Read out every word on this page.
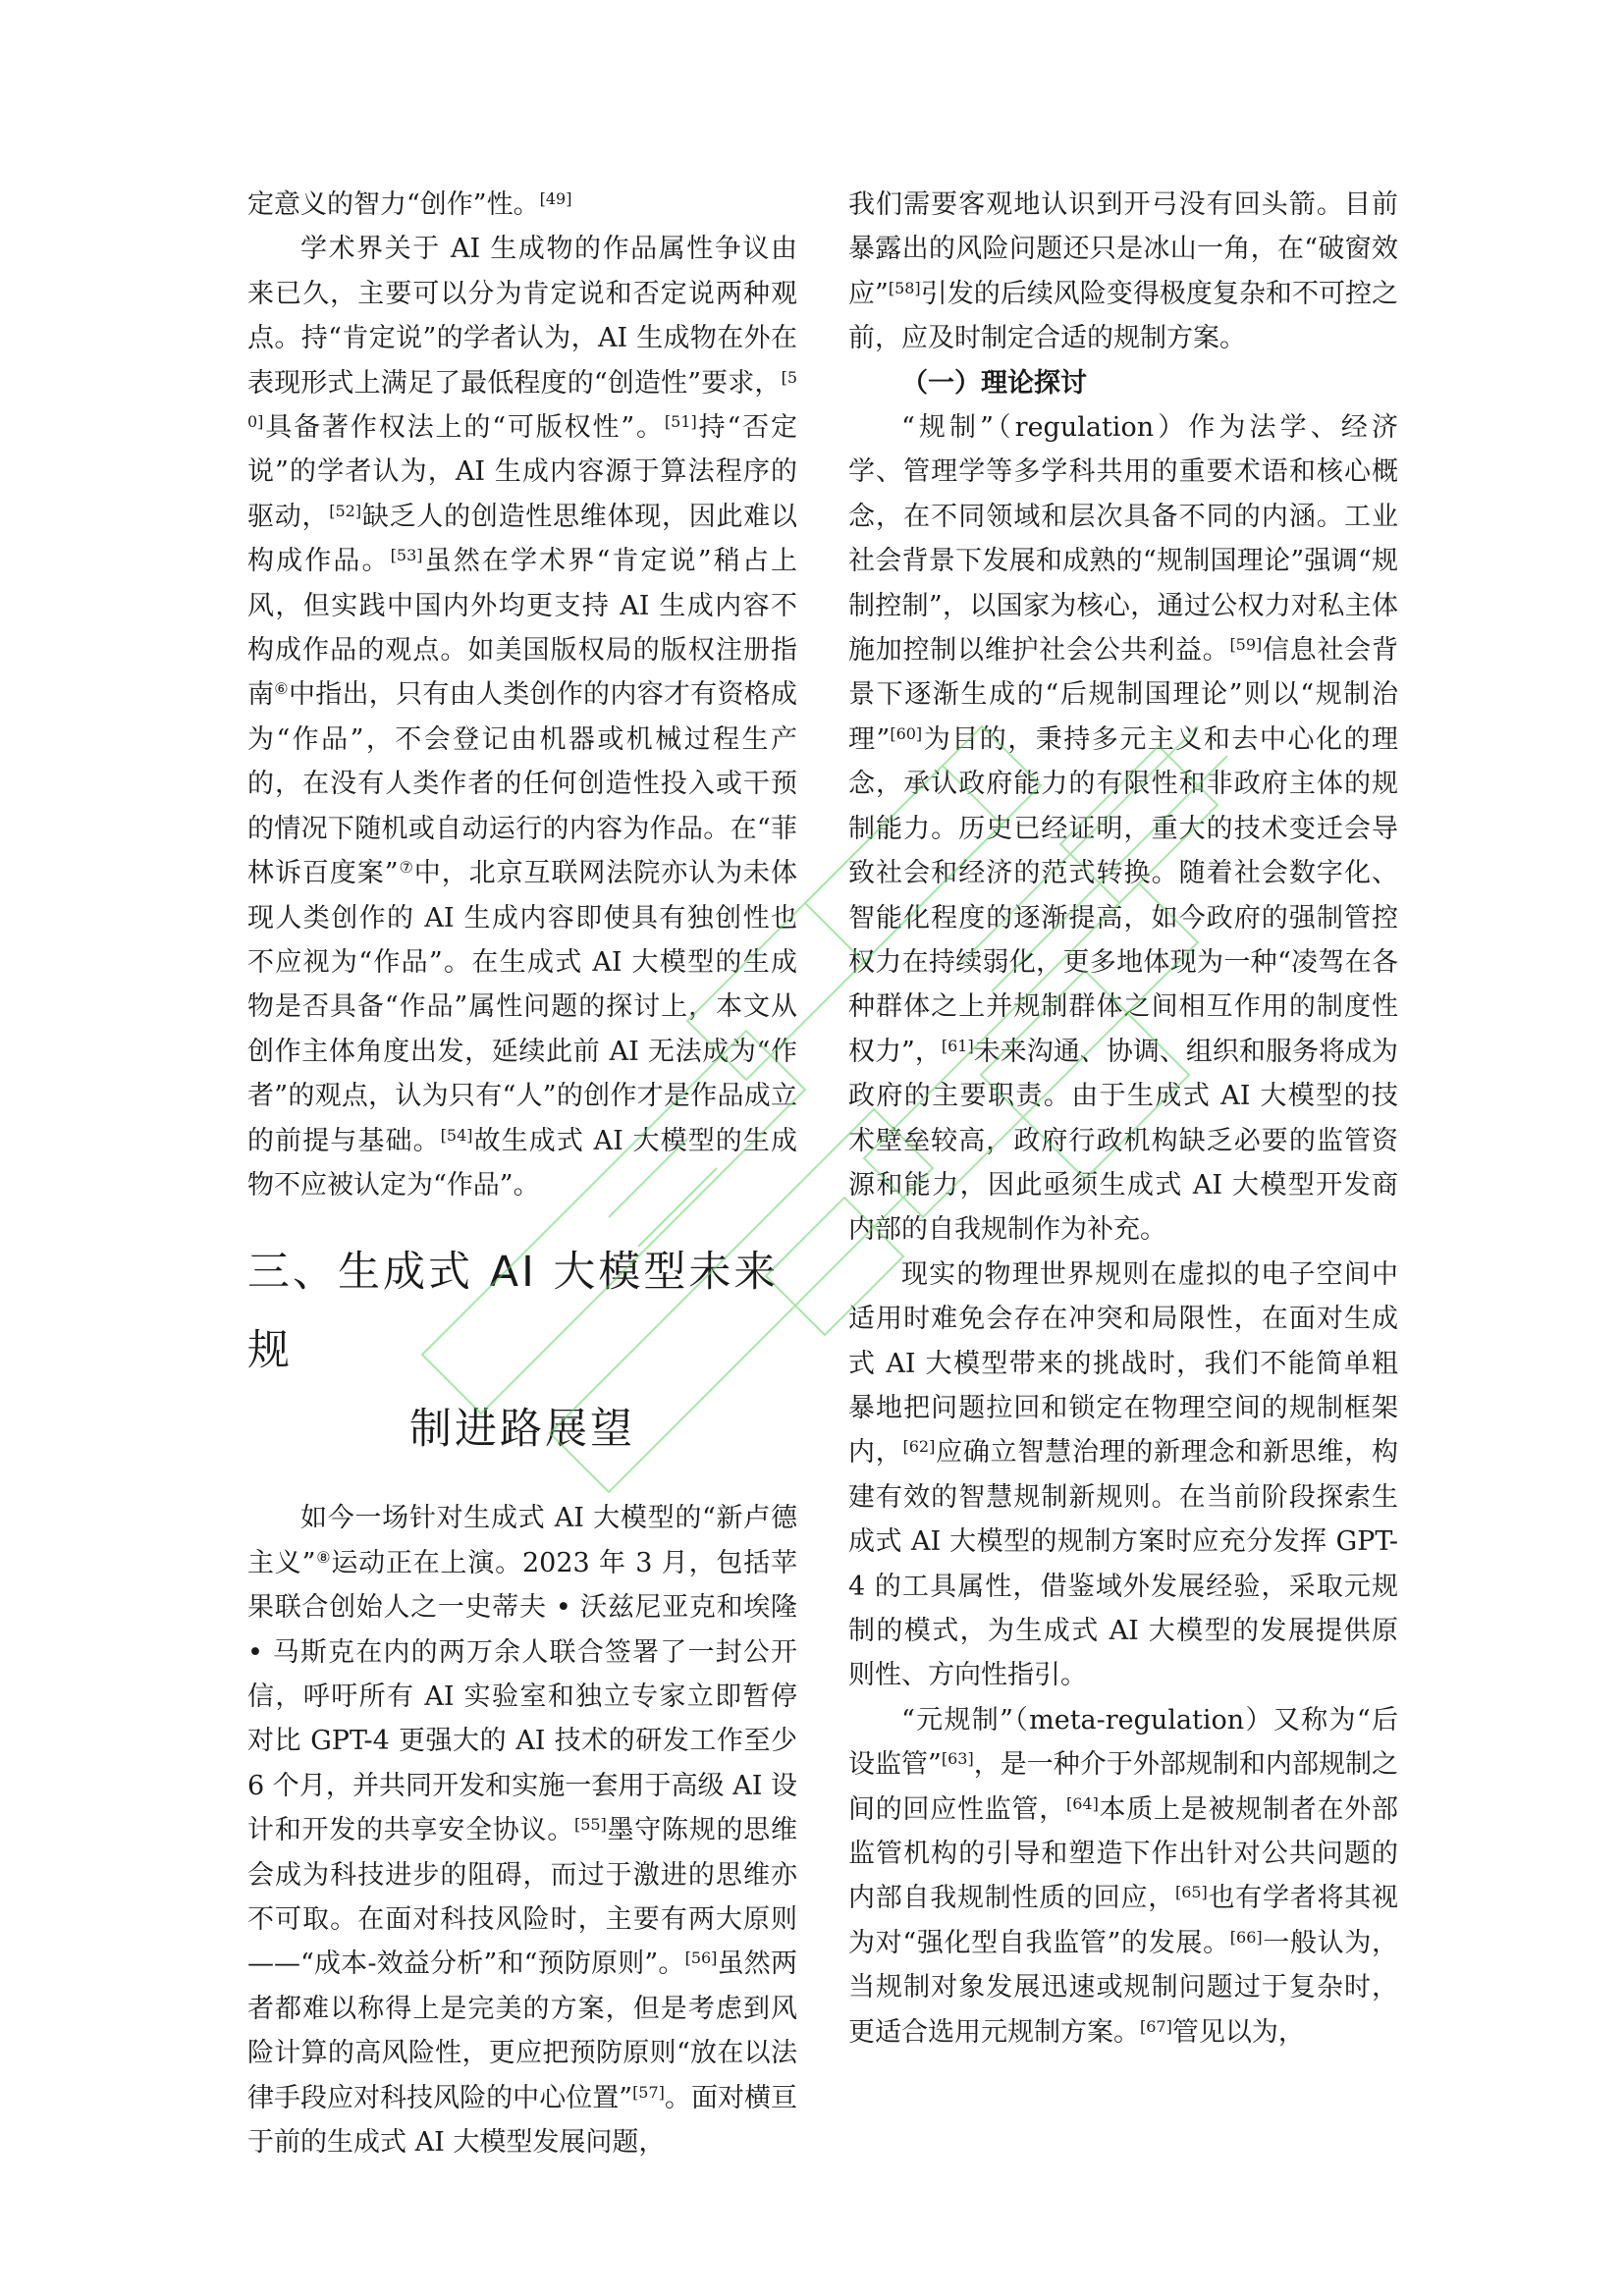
定意义的智力“创作”性。[49]

学术界关于 AI 生成物的作品属性争议由来已久，主要可以分为肯定说和否定说两种观点。持“肯定说”的学者认为，AI 生成物在外在表现形式上满足了最低程度的“创造性”要求，[50]具备著作权法上的“可版权性”。[51]持“否定说”的学者认为，AI 生成内容源于算法程序的驱动，[52]缺乏人的创造性思维体现，因此难以构成作品。[53]虽然在学术界“肯定说”稍占上风，但实践中国内外均更支持 AI 生成内容不构成作品的观点。如美国版权局的版权注册指南⑥中指出，只有由人类创作的内容才有资格成为“作品”，不会登记由机器或机械过程生产的，在没有人类作者的任何创造性投入或干预的情况下随机或自动运行的内容为作品。在“菲林诉百度案”⑦中，北京互联网法院亦认为未体现人类创作的 AI 生成内容即使具有独创性也不应视为“作品”。在生成式 AI 大模型的生成物是否具备“作品”属性问题的探讨上，本文从创作主体角度出发，延续此前 AI 无法成为“作者”的观点，认为只有“人”的创作才是作品成立的前提与基础。[54]故生成式 AI 大模型的生成物不应被认定为“作品”。

三、生成式 AI 大模型未来规
制进路展望

如今一场针对生成式 AI 大模型的“新卢德主义”⑧运动正在上演。2023 年 3 月，包括苹果联合创始人之一史蒂夫 • 沃兹尼亚克和埃隆 • 马斯克在内的两万余人联合签署了一封公开信，呼吁所有 AI 实验室和独立专家立即暂停对比 GPT-4 更强大的 AI 技术的研发工作至少 6 个月，并共同开发和实施一套用于高级 AI 设计和开发的共享安全协议。[55]墨守陈规的思维会成为科技进步的阻碍，而过于激进的思维亦不可取。在面对科技风险时，主要有两大原则——“成本-效益分析”和“预防原则”。[56]虽然两者都难以称得上是完美的方案，但是考虑到风险计算的高风险性，更应把预防原则“放在以法律手段应对科技风险的中心位置”[57]。面对横亘于前的生成式 AI 大模型发展问题，

我们需要客观地认识到开弓没有回头箭。目前暴露出的风险问题还只是冰山一角，在“破窗效应”[58]引发的后续风险变得极度复杂和不可控之前，应及时制定合适的规制方案。

（一）理论探讨

“规制”（regulation）作为法学、经济学、管理学等多学科共用的重要术语和核心概念，在不同领域和层次具备不同的内涵。工业社会背景下发展和成熟的“规制国理论”强调“规制控制”，以国家为核心，通过公权力对私主体施加控制以维护社会公共利益。[59]信息社会背景下逐渐生成的“后规制国理论”则以“规制治理”[60]为目的，秉持多元主义和去中心化的理念，承认政府能力的有限性和非政府主体的规制能力。历史已经证明，重大的技术变迁会导致社会和经济的范式转换。随着社会数字化、智能化程度的逐渐提高，如今政府的强制管控权力在持续弱化，更多地体现为一种“凌驾在各种群体之上并规制群体之间相互作用的制度性权力”，[61]未来沟通、协调、组织和服务将成为政府的主要职责。由于生成式 AI 大模型的技术壁垒较高，政府行政机构缺乏必要的监管资源和能力，因此亟须生成式 AI 大模型开发商内部的自我规制作为补充。

现实的物理世界规则在虚拟的电子空间中适用时难免会存在冲突和局限性，在面对生成式 AI 大模型带来的挑战时，我们不能简单粗暴地把问题拉回和锁定在物理空间的规制框架内，[62]应确立智慧治理的新理念和新思维，构建有效的智慧规制新规则。在当前阶段探索生成式 AI 大模型的规制方案时应充分发挥 GPT-4 的工具属性，借鉴域外发展经验，采取元规制的模式，为生成式 AI 大模型的发展提供原则性、方向性指引。

“元规制”（meta-regulation）又称为“后设监管”[63]，是一种介于外部规制和内部规制之间的回应性监管，[64]本质上是被规制者在外部监管机构的引导和塑造下作出针对公共问题的内部自我规制性质的回应，[65]也有学者将其视为对“强化型自我监管”的发展。[66]一般认为，当规制对象发展迅速或规制问题过于复杂时，更适合选用元规制方案。[67]管见以为，
